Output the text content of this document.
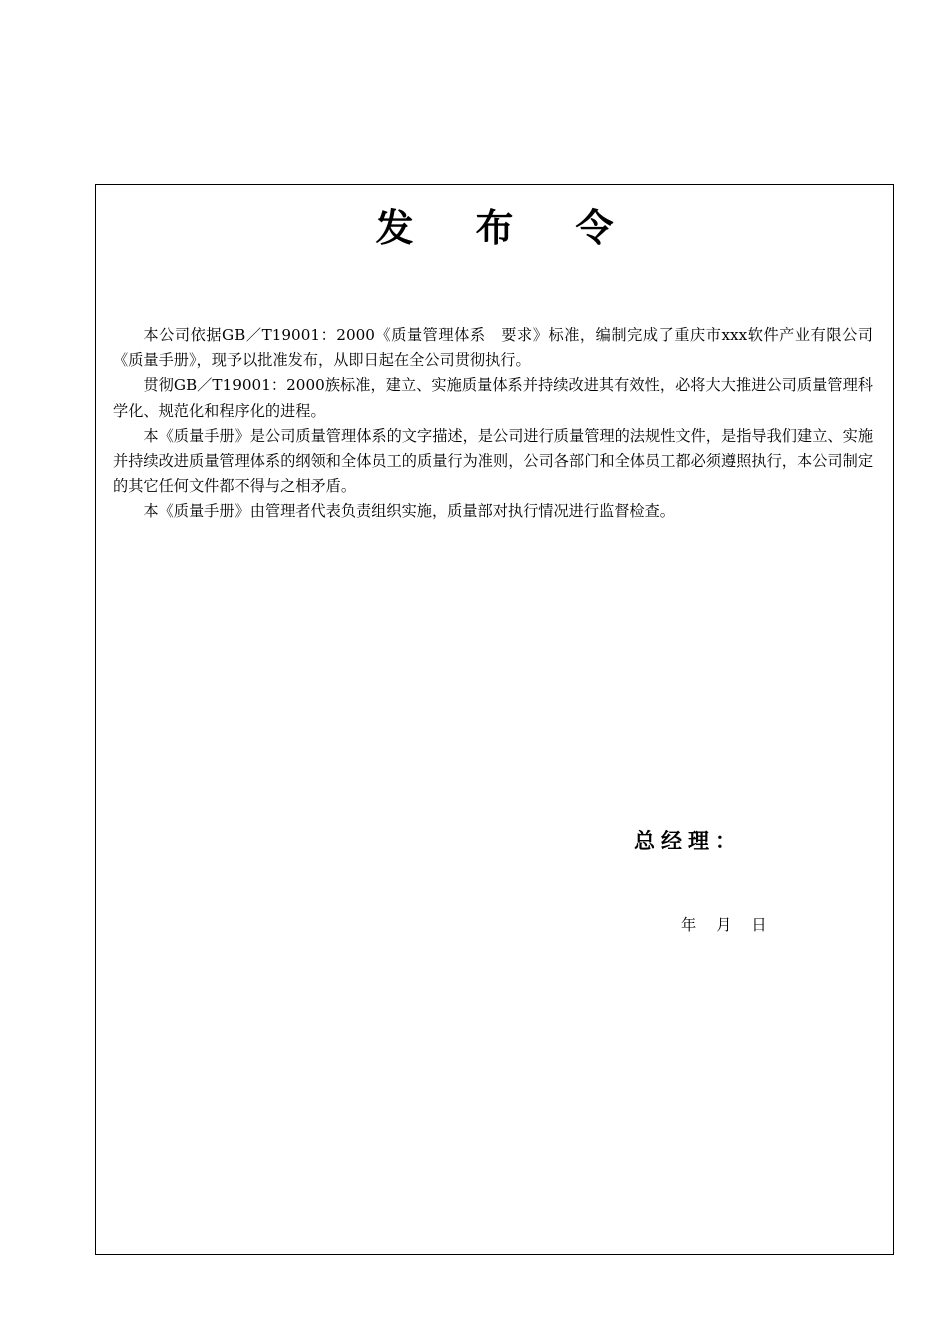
发布令

本公司依据GB／T19001：2000《质量管理体系　要求》标准，编制完成了重庆市xxx软件产业有限公司《质量手册》，现予以批准发布，从即日起在全公司贯彻执行。

贯彻GB／T19001：2000族标准，建立、实施质量体系并持续改进其有效性，必将大大推进公司质量管理科学化、规范化和程序化的进程。

本《质量手册》是公司质量管理体系的文字描述，是公司进行质量管理的法规性文件，是指导我们建立、实施并持续改进质量管理体系的纲领和全体员工的质量行为准则，公司各部门和全体员工都必须遵照执行，本公司制定的其它任何文件都不得与之相矛盾。

本《质量手册》由管理者代表负责组织实施，质量部对执行情况进行监督检查。

总经理：
年　 月　 日
